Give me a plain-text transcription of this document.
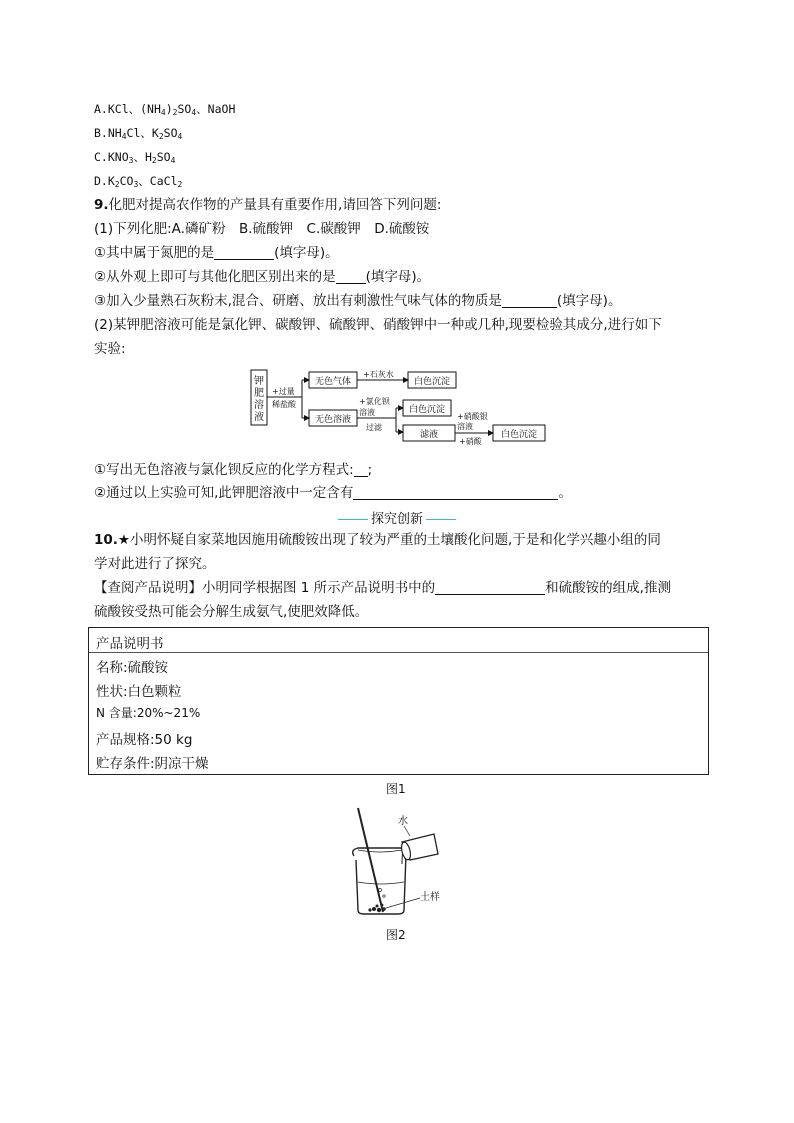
A.KCl、$(NH_4)_2SO_4$、NaOH
$B.NH_4Cl$、$K_2SO_4$
$C.KNO_3$、$H_2SO_4$
$D.K_2CO_3$、CaCl$_2$
9.化肥对提高农作物的产量具有重要作用,请回答下列问题:
(1)下列化肥:A.磷矿粉　B.硫酸钾　C.碳酸钾　D.硫酸铵
①其中属于氮肥的是	(填字母)。
②从外观上即可与其他化肥区别出来的是 (填字母)。
③加入少量熟石灰粉末,混合、研磨、放出有刺激性气味气体的物质是	(填字母)。
(2)某钾肥溶液可能是氯化钾、碳酸钾、硫酸钾、硝酸钾中一种或几种,现要检验其成分,进行如下
实验:
钾
肥
溶
液
+过量
稀盐酸
无色气体
+石灰水
白色沉淀
无色溶液
+氯化钡
溶液
过滤
白色沉淀
滤液
+硝酸银
溶液
+硝酸
白色沉淀
①写出无色溶液与氯化钡反应的化学方程式: ;
②通过以上实验可知,此钾肥溶液中一定含有	。
探究创新
10.★小明怀疑自家菜地因施用硫酸铵出现了较为严重的土壤酸化问题,于是和化学兴趣小组的同
学对此进行了探究。
【查阅产品说明】小明同学根据图 1 所示产品说明书中的	和硫酸铵的组成,推测
硫酸铵受热可能会分解生成氨气,使肥效降低。
产品说明书
名称:硫酸铵
性状:白色颗粒
N 含量:20%~21%
产品规格:50 kg
贮存条件:阴凉干燥
图1
水
土样
图2
